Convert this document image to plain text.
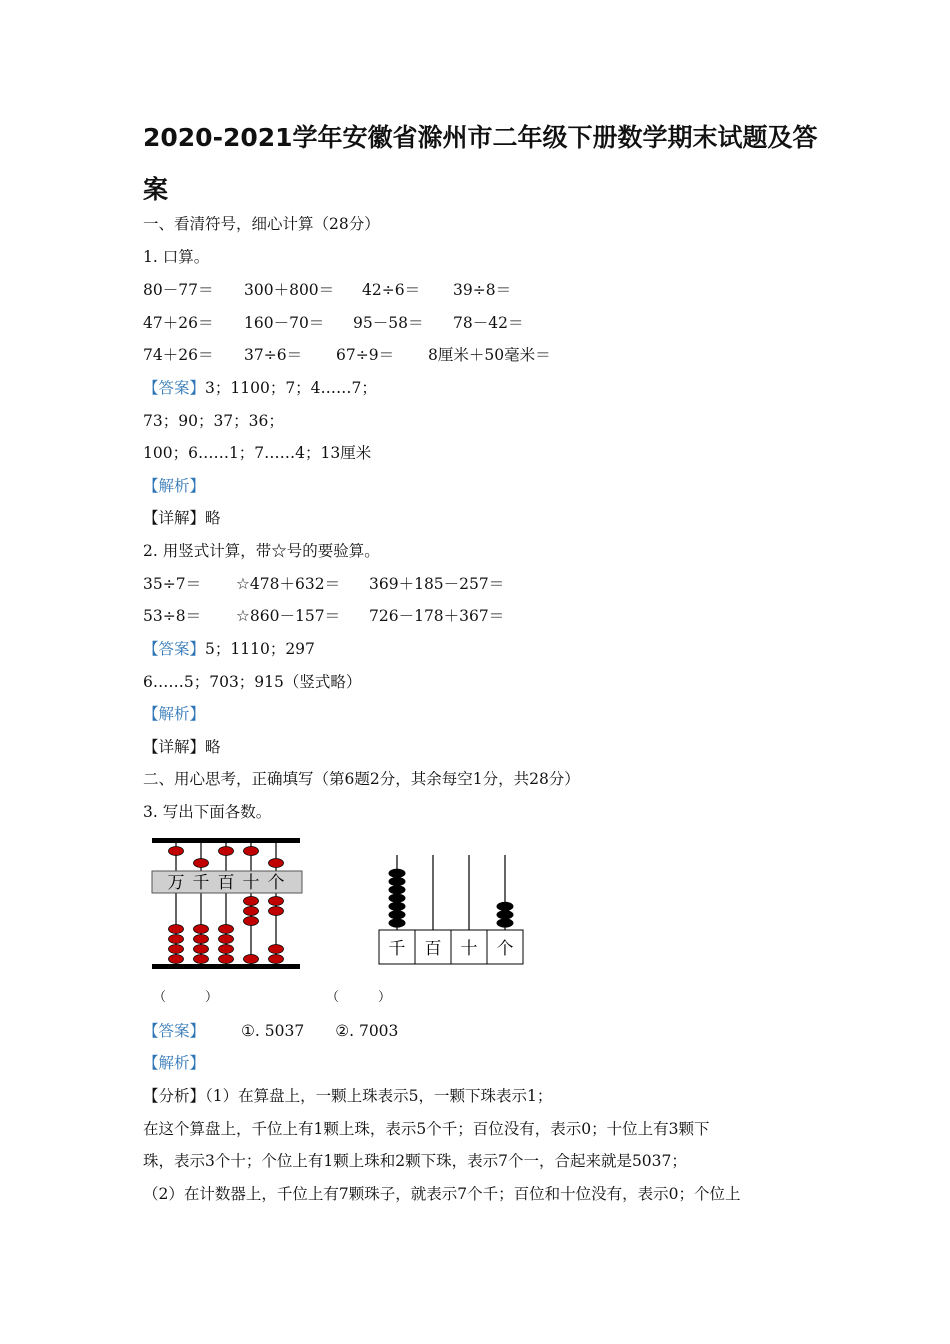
2020-2021学年安徽省滁州市二年级下册数学期末试题及答案
一、看清符号，细心计算（28分）
1. 口算。
80－77＝ 300＋800＝ 42÷6＝ 39÷8＝
47＋26＝ 160－70＝ 95－58＝ 78－42＝
74＋26＝ 37÷6＝ 67÷9＝ 8厘米＋50毫米＝
【答案】3；1100；7；4……7；
73；90；37；36；
100；6……1；7……4；13厘米
【解析】
【详解】略
2. 用竖式计算，带☆号的要验算。
35÷7＝ ☆478＋632＝ 369＋185－257＝
53÷8＝ ☆860－157＝ 726－178＋367＝
【答案】5；1110；297
6……5；703；915（竖式略）
【解析】
【详解】略
二、用心思考，正确填写（第6题2分，其余每空1分，共28分）
3. 写出下面各数。
万 千 百 十 个
千 百 十 个
（　　　）	（　　　）
【答案】 ①. 5037　　②. 7003
【解析】
【分析】（1）在算盘上，一颗上珠表示5，一颗下珠表示1；
在这个算盘上，千位上有1颗上珠，表示5个千；百位没有，表示0；十位上有3颗下
珠，表示3个十；个位上有1颗上珠和2颗下珠，表示7个一，合起来就是5037；
（2）在计数器上，千位上有7颗珠子，就表示7个千；百位和十位没有，表示0；个位上
